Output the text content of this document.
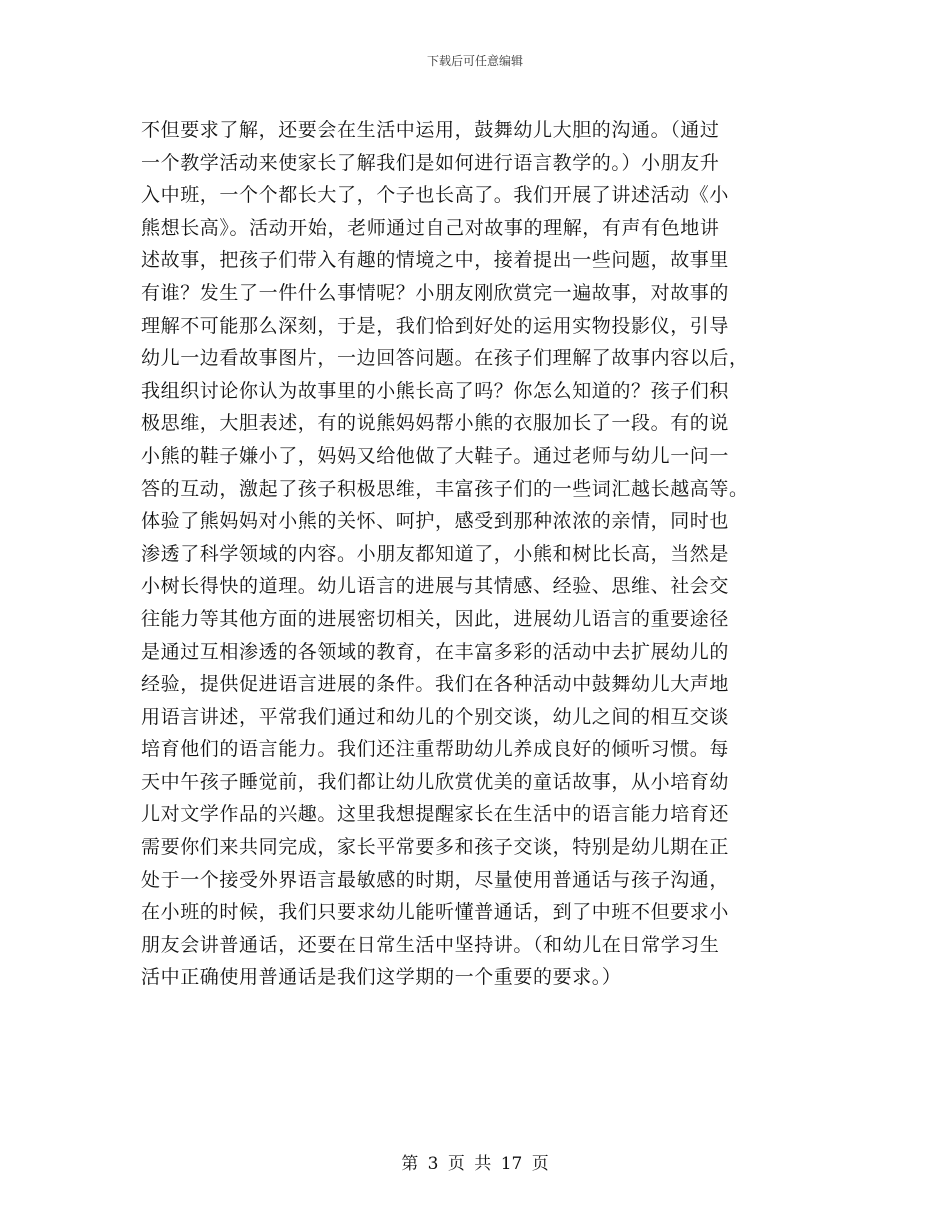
下载后可任意编辑
不但要求了解，还要会在生活中运用，鼓舞幼儿大胆的沟通。（通过
一个教学活动来使家长了解我们是如何进行语言教学的。）小朋友升
入中班，一个个都长大了，个子也长高了。我们开展了讲述活动《小
熊想长高》。活动开始，老师通过自己对故事的理解，有声有色地讲
述故事，把孩子们带入有趣的情境之中，接着提出一些问题，故事里
有谁？发生了一件什么事情呢？小朋友刚欣赏完一遍故事，对故事的
理解不可能那么深刻，于是，我们恰到好处的运用实物投影仪，引导
幼儿一边看故事图片，一边回答问题。在孩子们理解了故事内容以后，
我组织讨论你认为故事里的小熊长高了吗？你怎么知道的？孩子们积
极思维，大胆表述，有的说熊妈妈帮小熊的衣服加长了一段。有的说
小熊的鞋子嫌小了，妈妈又给他做了大鞋子。通过老师与幼儿一问一
答的互动，激起了孩子积极思维，丰富孩子们的一些词汇越长越高等。
体验了熊妈妈对小熊的关怀、呵护，感受到那种浓浓的亲情，同时也
渗透了科学领域的内容。小朋友都知道了，小熊和树比长高，当然是
小树长得快的道理。幼儿语言的进展与其情感、经验、思维、社会交
往能力等其他方面的进展密切相关，因此，进展幼儿语言的重要途径
是通过互相渗透的各领域的教育，在丰富多彩的活动中去扩展幼儿的
经验，提供促进语言进展的条件。我们在各种活动中鼓舞幼儿大声地
用语言讲述，平常我们通过和幼儿的个别交谈，幼儿之间的相互交谈
培育他们的语言能力。我们还注重帮助幼儿养成良好的倾听习惯。每
天中午孩子睡觉前，我们都让幼儿欣赏优美的童话故事，从小培育幼
儿对文学作品的兴趣。这里我想提醒家长在生活中的语言能力培育还
需要你们来共同完成，家长平常要多和孩子交谈，特别是幼儿期在正
处于一个接受外界语言最敏感的时期，尽量使用普通话与孩子沟通，
在小班的时候，我们只要求幼儿能听懂普通话，到了中班不但要求小
朋友会讲普通话，还要在日常生活中坚持讲。（和幼儿在日常学习生
活中正确使用普通话是我们这学期的一个重要的要求。）
第 3 页 共 17 页
